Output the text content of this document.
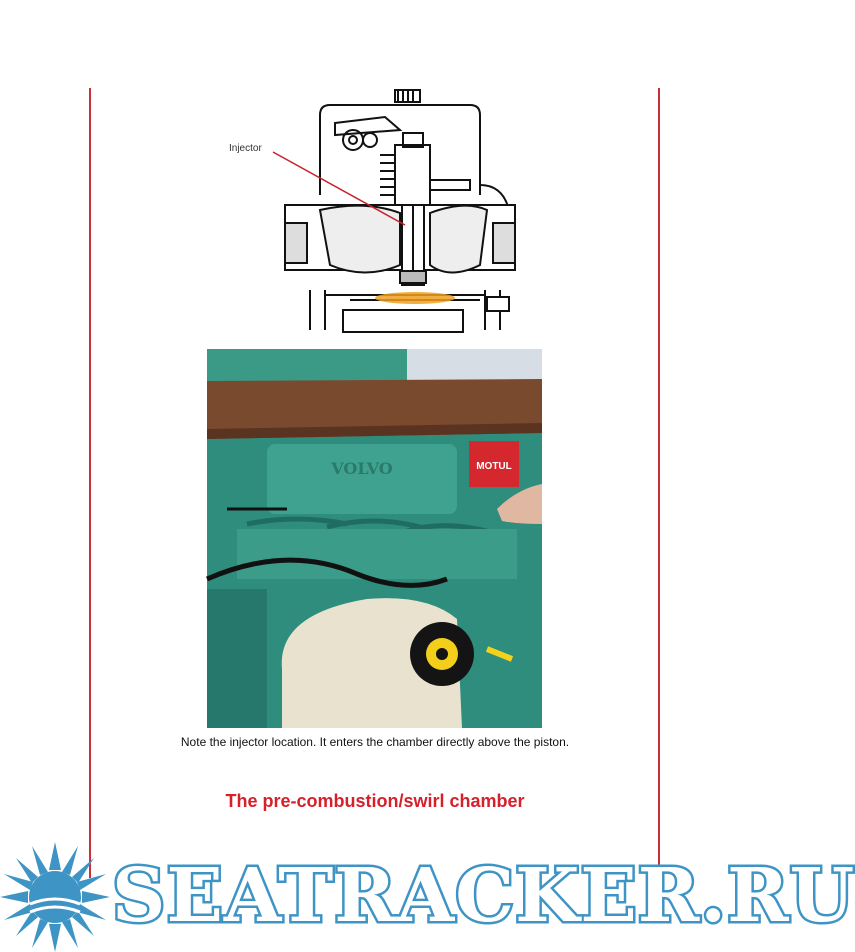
Injector
VOLVO	MOTUL
Note the injector location. It enters the chamber directly above the piston.
The pre-combustion/swirl chamber
SEATRACKER.RU
